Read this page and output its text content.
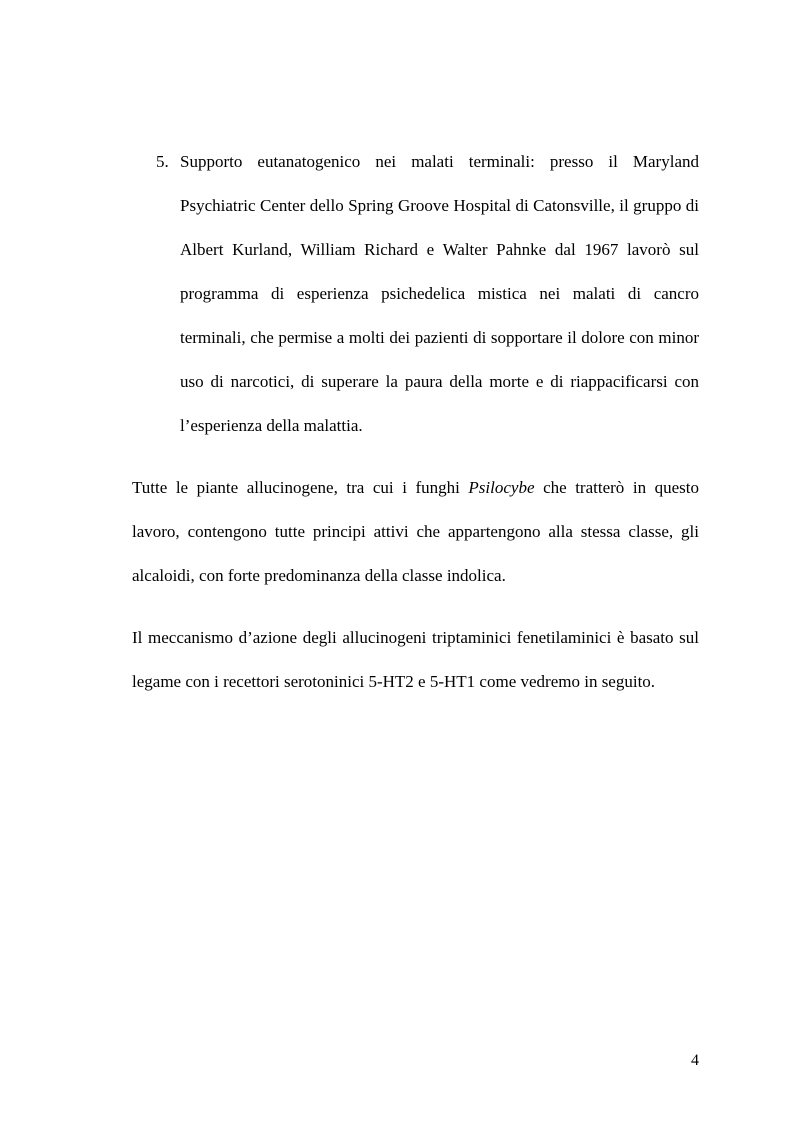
5. Supporto eutanatogenico nei malati terminali: presso il Maryland Psychiatric Center dello Spring Groove Hospital di Catonsville, il gruppo di Albert Kurland, William Richard e Walter Pahnke dal 1967 lavorò sul programma di esperienza psichedelica mistica nei malati di cancro terminali, che permise a molti dei pazienti di sopportare il dolore con minor uso di narcotici, di superare la paura della morte e di riappacificarsi con l’esperienza della malattia.

Tutte le piante allucinogene, tra cui i funghi Psilocybe che tratterò in questo lavoro, contengono tutte principi attivi che appartengono alla stessa classe, gli alcaloidi, con forte predominanza della classe indolica.

Il meccanismo d’azione degli allucinogeni triptaminici fenetilaminici è basato sul legame con i recettori serotoninici 5-HT2 e 5-HT1 come vedremo in seguito.

4
